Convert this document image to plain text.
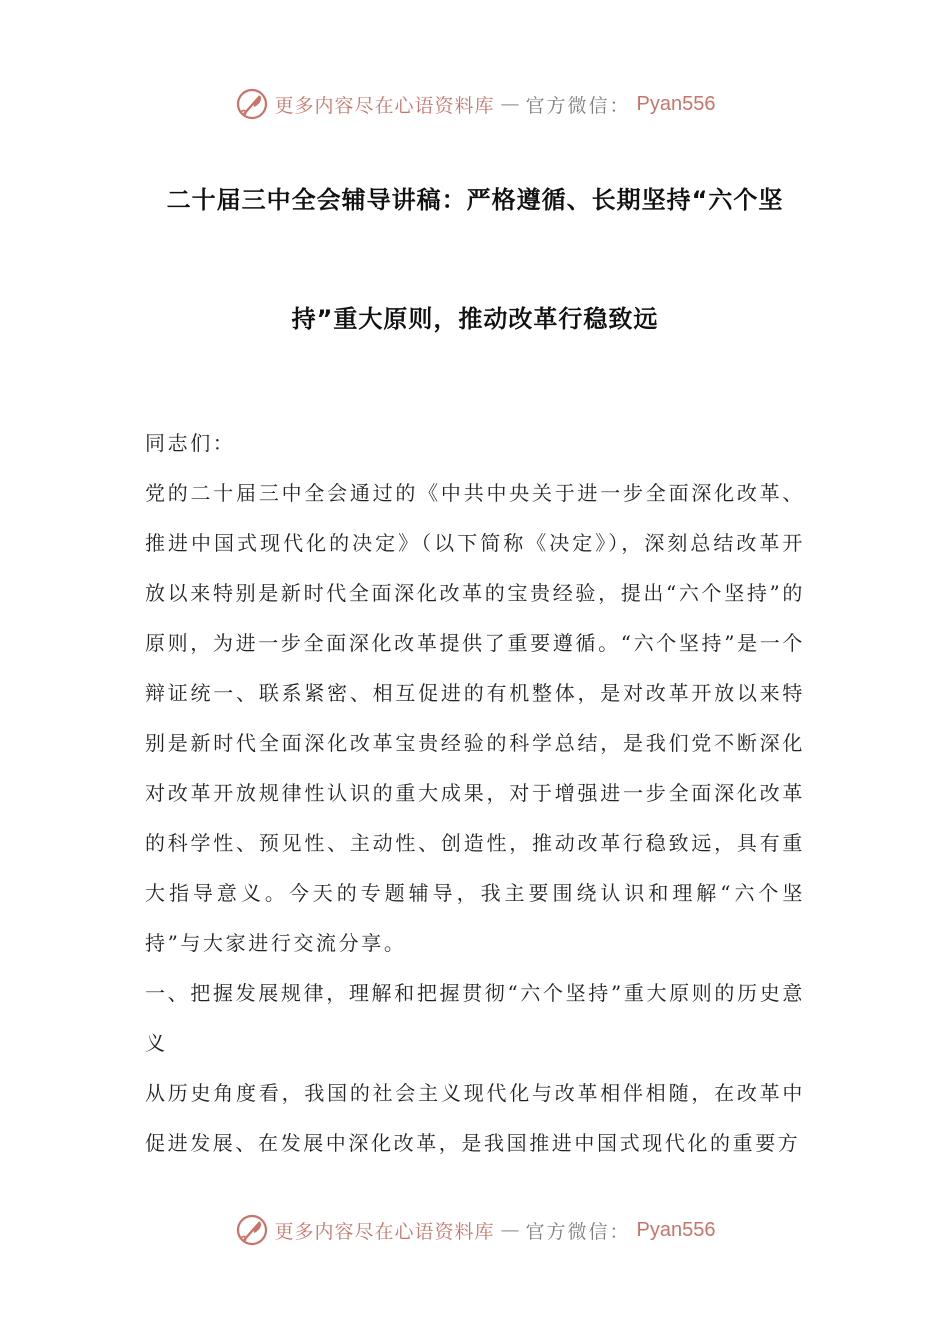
更多内容尽在心语资料库 — 官方微信： Pyan556
二十届三中全会辅导讲稿：严格遵循、长期坚持“六个坚
持”重大原则，推动改革行稳致远

同志们：

党的二十届三中全会通过的《中共中央关于进一步全面深化改革、推进中国式现代化的决定》（以下简称《决定》），深刻总结改革开放以来特别是新时代全面深化改革的宝贵经验，提出“六个坚持”的原则，为进一步全面深化改革提供了重要遵循。“六个坚持”是一个辩证统一、联系紧密、相互促进的有机整体，是对改革开放以来特别是新时代全面深化改革宝贵经验的科学总结，是我们党不断深化对改革开放规律性认识的重大成果，对于增强进一步全面深化改革的科学性、预见性、主动性、创造性，推动改革行稳致远，具有重大指导意义。今天的专题辅导，我主要围绕认识和理解“六个坚持”与大家进行交流分享。

一、把握发展规律，理解和把握贯彻“六个坚持”重大原则的历史意义

从历史角度看，我国的社会主义现代化与改革相伴相随，在改革中促进发展、在发展中深化改革，是我国推进中国式现代化的重要方

更多内容尽在心语资料库 — 官方微信： Pyan556
